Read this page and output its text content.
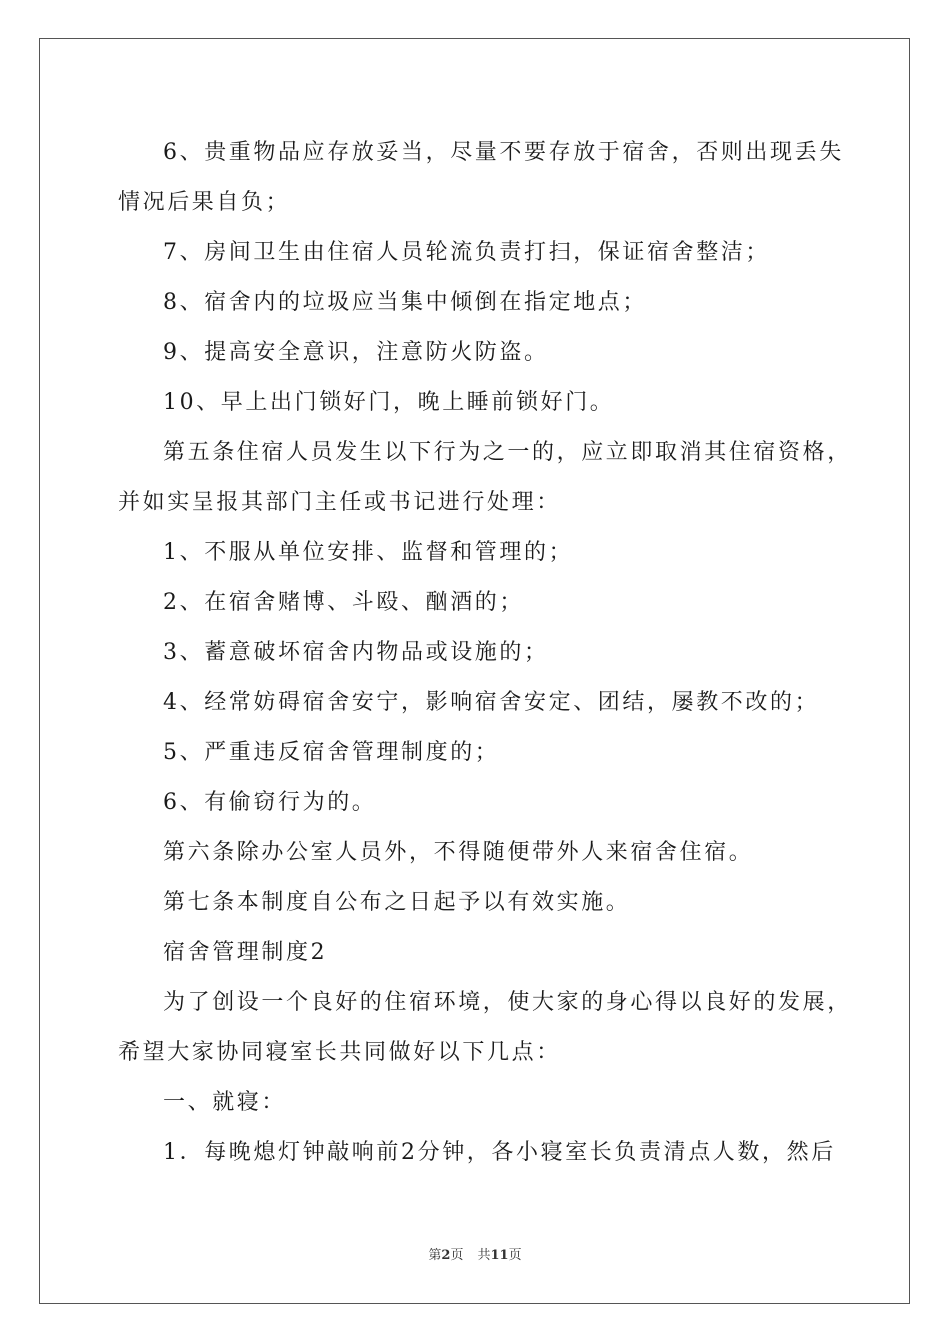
6、贵重物品应存放妥当，尽量不要存放于宿舍，否则出现丢失
情况后果自负；
7、房间卫生由住宿人员轮流负责打扫，保证宿舍整洁；
8、宿舍内的垃圾应当集中倾倒在指定地点；
9、提高安全意识，注意防火防盗。
10、早上出门锁好门，晚上睡前锁好门。
第五条住宿人员发生以下行为之一的，应立即取消其住宿资格，
并如实呈报其部门主任或书记进行处理：
1、不服从单位安排、监督和管理的；
2、在宿舍赌博、斗殴、酗酒的；
3、蓄意破坏宿舍内物品或设施的；
4、经常妨碍宿舍安宁，影响宿舍安定、团结，屡教不改的；
5、严重违反宿舍管理制度的；
6、有偷窃行为的。
第六条除办公室人员外，不得随便带外人来宿舍住宿。
第七条本制度自公布之日起予以有效实施。
宿舍管理制度2
为了创设一个良好的住宿环境，使大家的身心得以良好的发展，
希望大家协同寝室长共同做好以下几点：
一、就寝：
1．每晚熄灯钟敲响前2分钟，各小寝室长负责清点人数，然后
第2页 共11页
